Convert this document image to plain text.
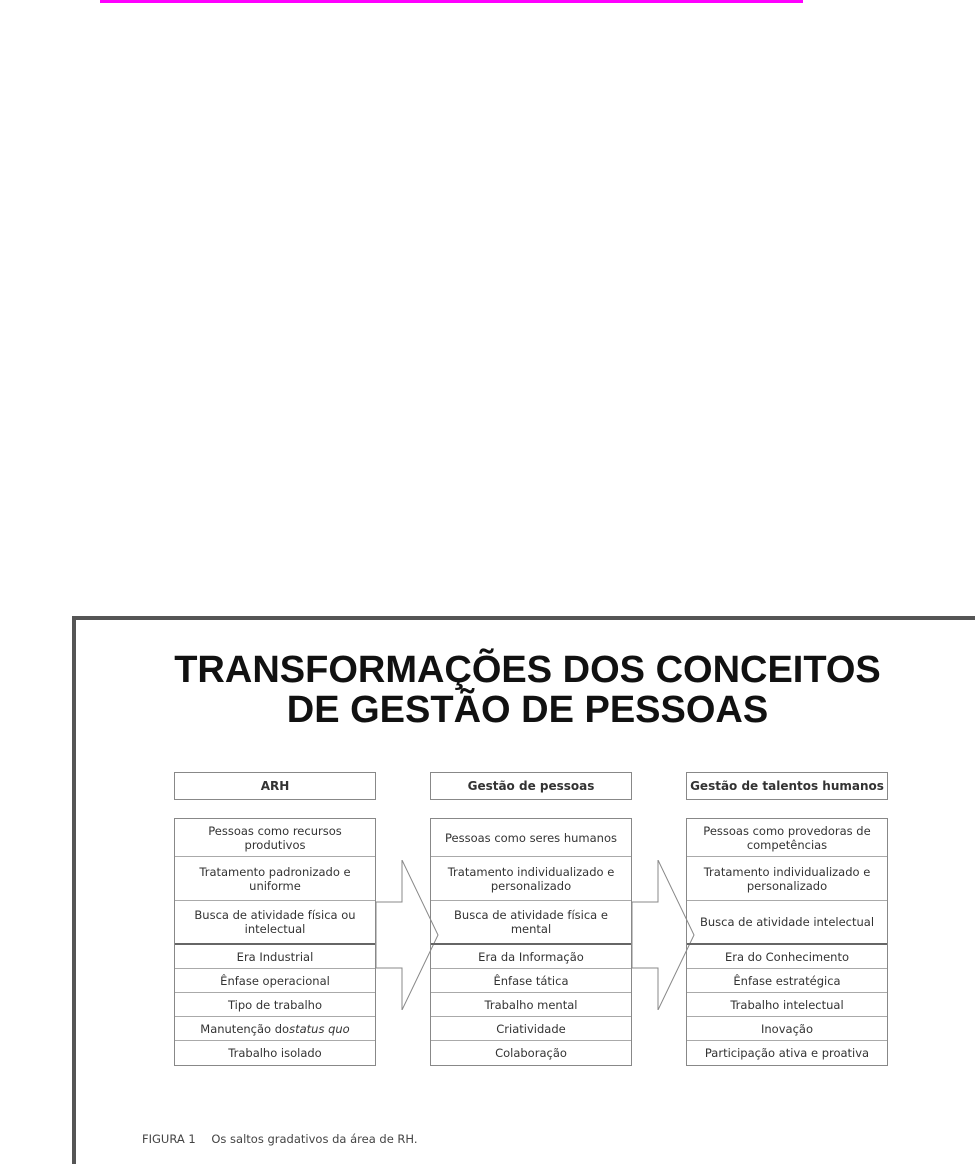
TRANSFORMAÇÕES DOS CONCEITOS
DE GESTÃO DE PESSOAS
ARH
Pessoas como recursos produtivos
Tratamento padronizado e uniforme
Busca de atividade física ou intelectual
Era Industrial
Ênfase operacional
Tipo de trabalho
Manutenção do status quo
Trabalho isolado
Gestão de pessoas
Pessoas como seres humanos
Tratamento individualizado e personalizado
Busca de atividade física e mental
Era da Informação
Ênfase tática
Trabalho mental
Criatividade
Colaboração
Gestão de talentos humanos
Pessoas como provedoras de competências
Tratamento individualizado e personalizado
Busca de atividade intelectual
Era do Conhecimento
Ênfase estratégica
Trabalho intelectual
Inovação
Participação ativa e proativa
FIGURA 1 Os saltos gradativos da área de RH.
